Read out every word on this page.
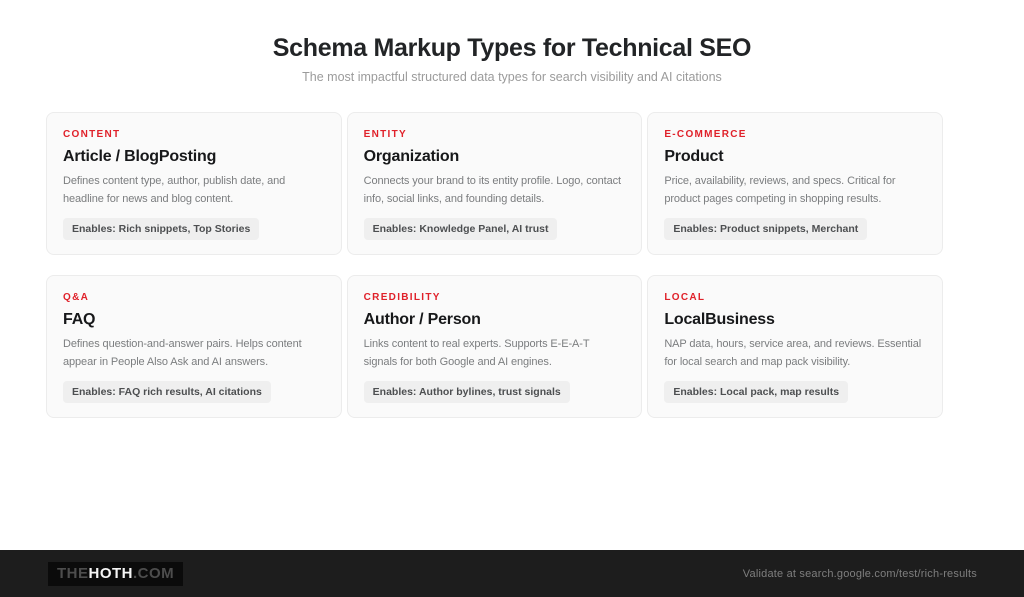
Schema Markup Types for Technical SEO
The most impactful structured data types for search visibility and AI citations
CONTENT
Article / BlogPosting
Defines content type, author, publish date, and headline for news and blog content.
Enables: Rich snippets, Top Stories
ENTITY
Organization
Connects your brand to its entity profile. Logo, contact info, social links, and founding details.
Enables: Knowledge Panel, AI trust
E-COMMERCE
Product
Price, availability, reviews, and specs. Critical for product pages competing in shopping results.
Enables: Product snippets, Merchant
Q&A
FAQ
Defines question-and-answer pairs. Helps content appear in People Also Ask and AI answers.
Enables: FAQ rich results, AI citations
CREDIBILITY
Author / Person
Links content to real experts. Supports E-E-A-T signals for both Google and AI engines.
Enables: Author bylines, trust signals
LOCAL
LocalBusiness
NAP data, hours, service area, and reviews. Essential for local search and map pack visibility.
Enables: Local pack, map results
THEHOTH.COM	Validate at search.google.com/test/rich-results
